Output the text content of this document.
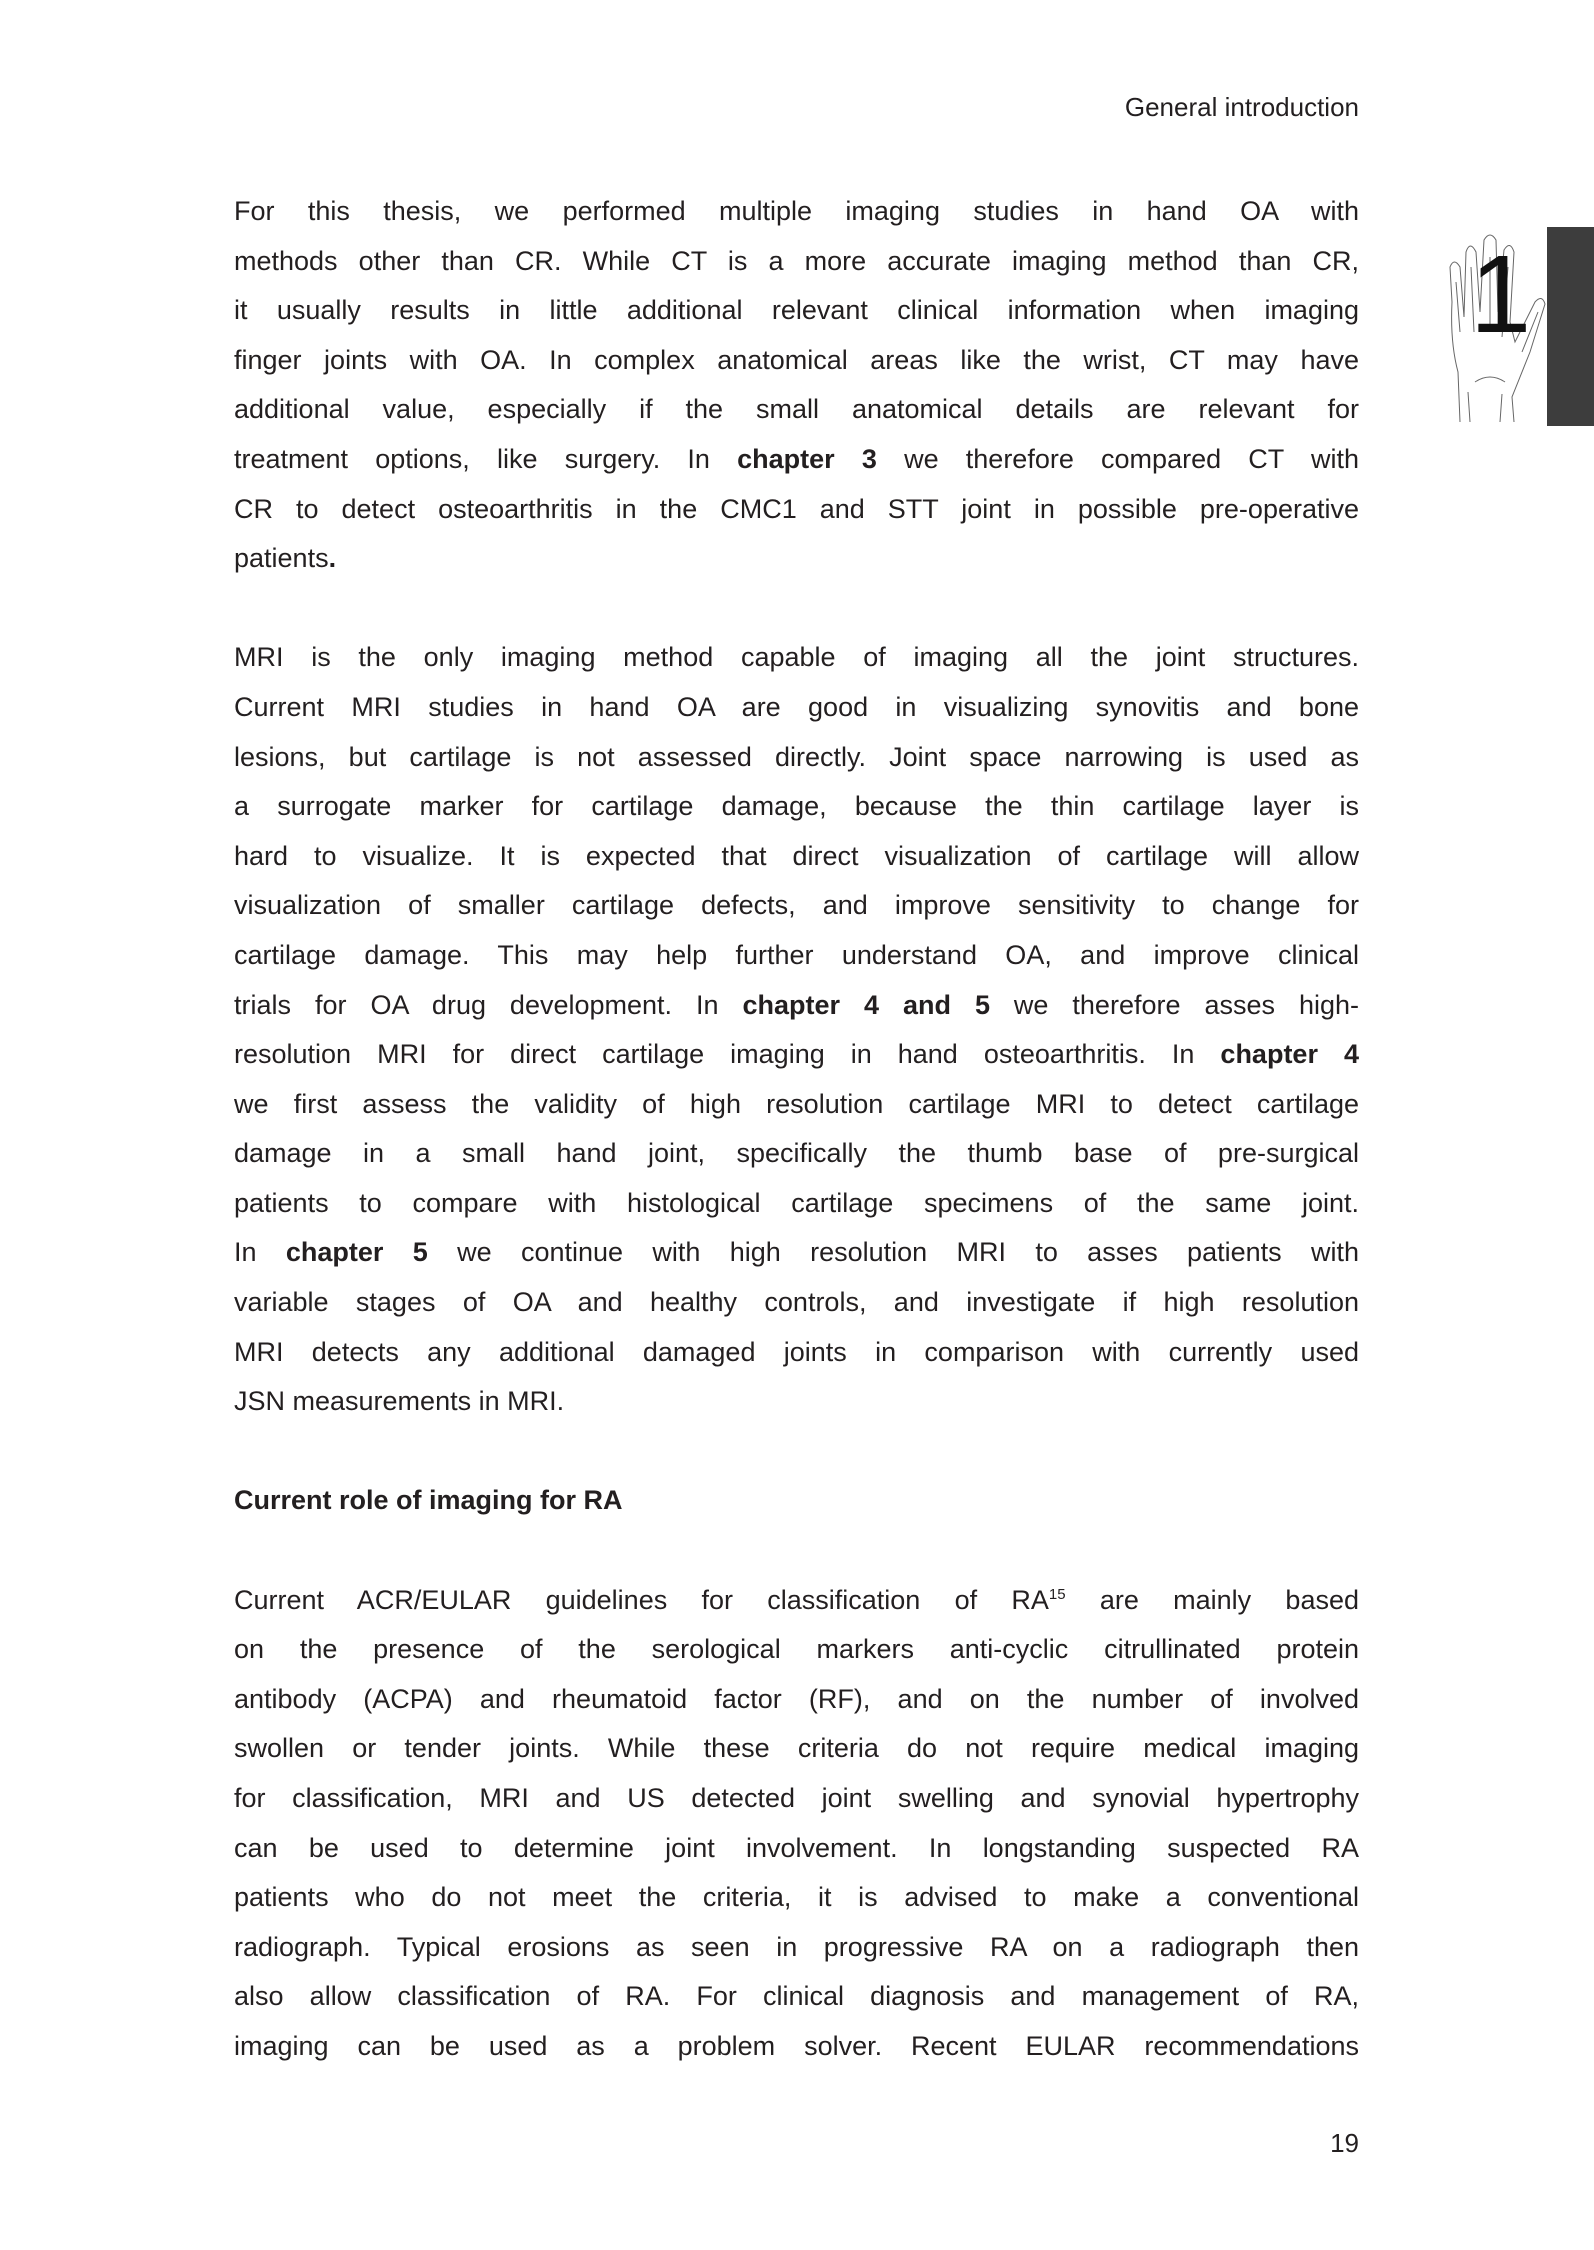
General introduction
1
For this thesis, we performed multiple imaging studies in hand OA with
methods other than CR. While CT is a more accurate imaging method than CR,
it usually results in little additional relevant clinical information when imaging
finger joints with OA. In complex anatomical areas like the wrist, CT may have
additional value, especially if the small anatomical details are relevant for
treatment options, like surgery. In chapter 3 we therefore compared CT with
CR to detect osteoarthritis in the CMC1 and STT joint in possible pre-operative
patients.
MRI is the only imaging method capable of imaging all the joint structures.
Current MRI studies in hand OA are good in visualizing synovitis and bone
lesions, but cartilage is not assessed directly. Joint space narrowing is used as
a surrogate marker for cartilage damage, because the thin cartilage layer is
hard to visualize. It is expected that direct visualization of cartilage will allow
visualization of smaller cartilage defects, and improve sensitivity to change for
cartilage damage. This may help further understand OA, and improve clinical
trials for OA drug development. In chapter 4 and 5 we therefore asses high-
resolution MRI for direct cartilage imaging in hand osteoarthritis. In chapter 4
we first assess the validity of high resolution cartilage MRI to detect cartilage
damage in a small hand joint, specifically the thumb base of pre-surgical
patients to compare with histological cartilage specimens of the same joint.
In chapter 5 we continue with high resolution MRI to asses patients with
variable stages of OA and healthy controls, and investigate if high resolution
MRI detects any additional damaged joints in comparison with currently used
JSN measurements in MRI.
Current role of imaging for RA
Current ACR/EULAR guidelines for classification of RA$^{15}$ are mainly based
on the presence of the serological markers anti-cyclic citrullinated protein
antibody (ACPA) and rheumatoid factor (RF), and on the number of involved
swollen or tender joints. While these criteria do not require medical imaging
for classification, MRI and US detected joint swelling and synovial hypertrophy
can be used to determine joint involvement. In longstanding suspected RA
patients who do not meet the criteria, it is advised to make a conventional
radiograph. Typical erosions as seen in progressive RA on a radiograph then
also allow classification of RA. For clinical diagnosis and management of RA,
imaging can be used as a problem solver. Recent EULAR recommendations
19
